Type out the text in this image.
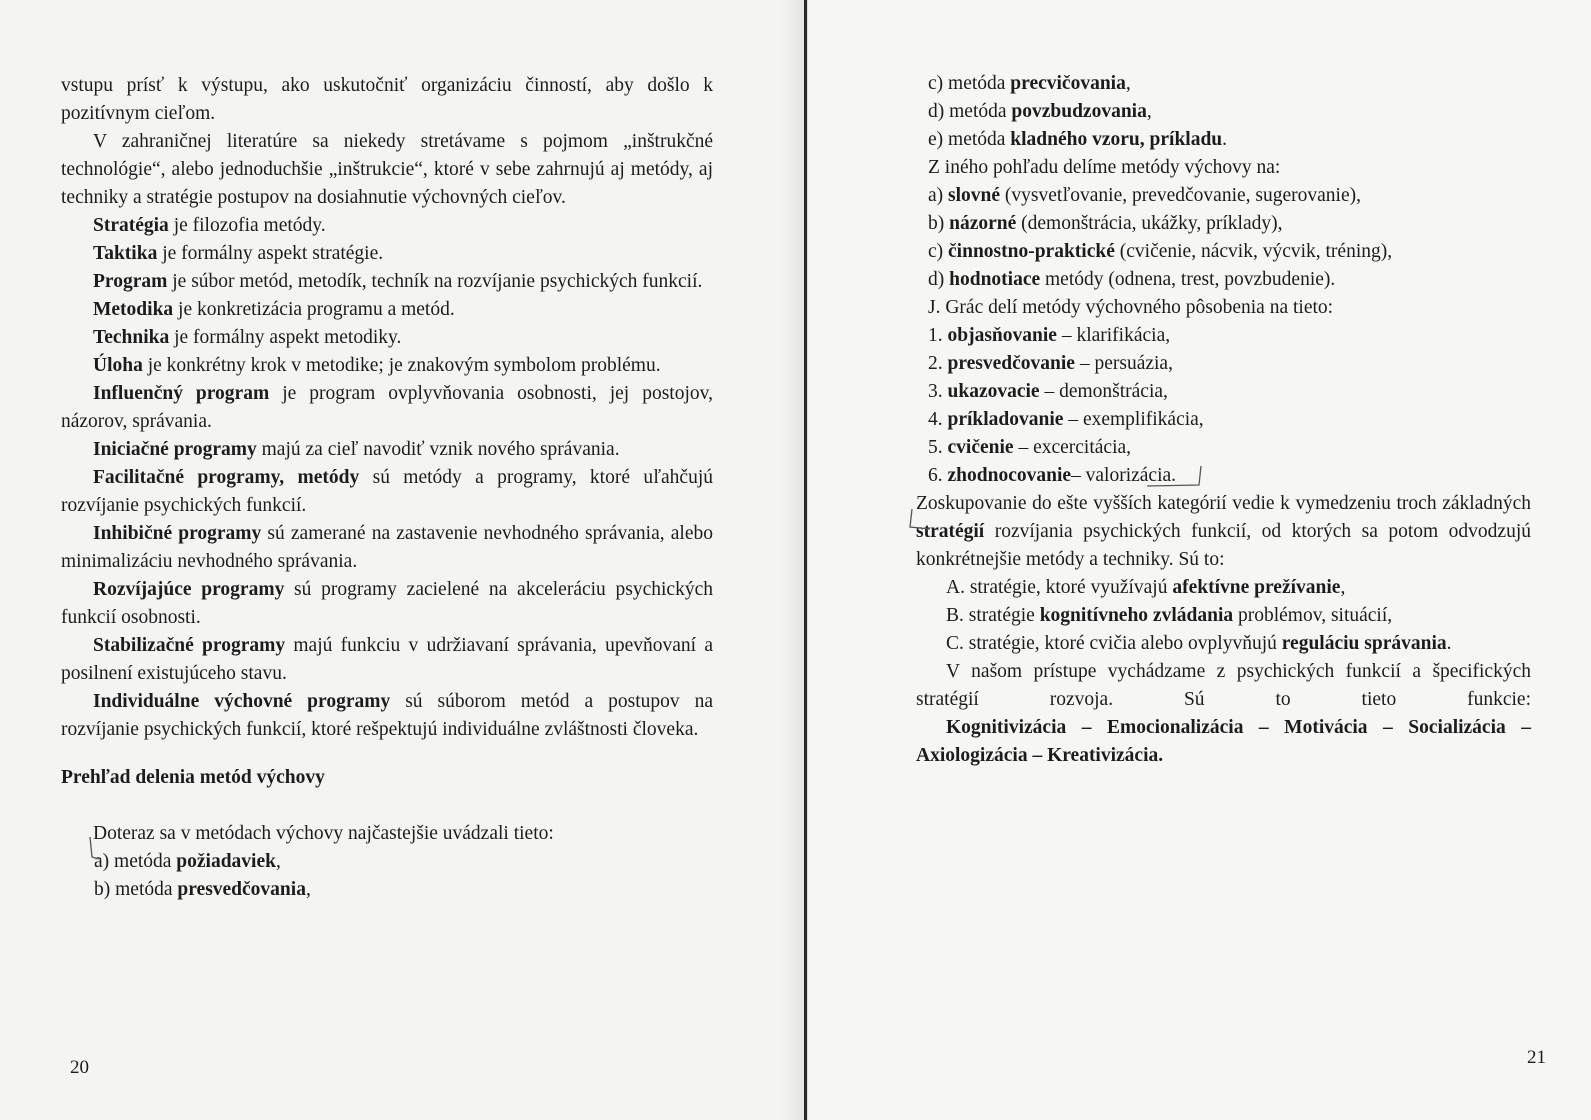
vstupu prísť k výstupu, ako uskutočniť organizáciu činností, aby došlo k pozitívnym cieľom.

V zahraničnej literatúre sa niekedy stretávame s pojmom „inštrukčné technológie“, alebo jednoduchšie „inštrukcie“, ktoré v sebe zahrnujú aj metódy, aj techniky a stratégie postupov na dosiahnutie výchovných cieľov.

Stratégia je filozofia metódy.

Taktika je formálny aspekt stratégie.

Program je súbor metód, metodík, techník na rozvíjanie psychických funkcií.

Metodika je konkretizácia programu a metód.

Technika je formálny aspekt metodiky.

Úloha je konkrétny krok v metodike; je znakovým symbolom problému.

Influenčný program je program ovplyvňovania osobnosti, jej postojov, názorov, správania.

Iniciačné programy majú za cieľ navodiť vznik nového správania.

Facilitačné programy, metódy sú metódy a programy, ktoré uľahčujú rozvíjanie psychických funkcií.

Inhibičné programy sú zamerané na zastavenie nevhodného správania, alebo minimalizáciu nevhodného správania.

Rozvíjajúce programy sú programy zacielené na akceleráciu psychických funkcií osobnosti.

Stabilizačné programy majú funkciu v udržiavaní správania, upevňovaní a posilnení existujúceho stavu.

Individuálne výchovné programy sú súborom metód a postupov na rozvíjanie psychických funkcií, ktoré rešpektujú individuálne zvláštnosti človeka.

Prehľad delenia metód výchovy

Doteraz sa v metódach výchovy najčastejšie uvádzali tieto:

a) metóda požiadaviek,

b) metóda presvedčovania,

20

c) metóda precvičovania,

d) metóda povzbudzovania,

e) metóda kladného vzoru, príkladu.

Z iného pohľadu delíme metódy výchovy na:

a) slovné (vysvetľovanie, prevedčovanie, sugerovanie),

b) názorné (demonštrácia, ukážky, príklady),

c) činnostno-praktické (cvičenie, nácvik, výcvik, tréning),

d) hodnotiace metódy (odnena, trest, povzbudenie).

J. Grác delí metódy výchovného pôsobenia na tieto:

1. objasňovanie – klarifikácia,

2. presvedčovanie – persuázia,

3. ukazovacie – demonštrácia,

4. príkladovanie – exemplifikácia,

5. cvičenie – excercitácia,

6. zhodnocovanie– valorizácia.

Zoskupovanie do ešte vyšších kategórií vedie k vymedzeniu troch základných stratégií rozvíjania psychických funkcií, od ktorých sa potom odvodzujú konkrétnejšie metódy a techniky. Sú to:

A. stratégie, ktoré využívajú afektívne prežívanie,

B. stratégie kognitívneho zvládania problémov, situácií,

C. stratégie, ktoré cvičia alebo ovplyvňujú reguláciu správania.

V našom prístupe vychádzame z psychických funkcií a špecifických stratégií rozvoja. Sú to tieto funkcie: Kognitivizácia – Emocionalizácia – Motivácia – Socializácia – Axiologizácia – Kreativizácia.

21
